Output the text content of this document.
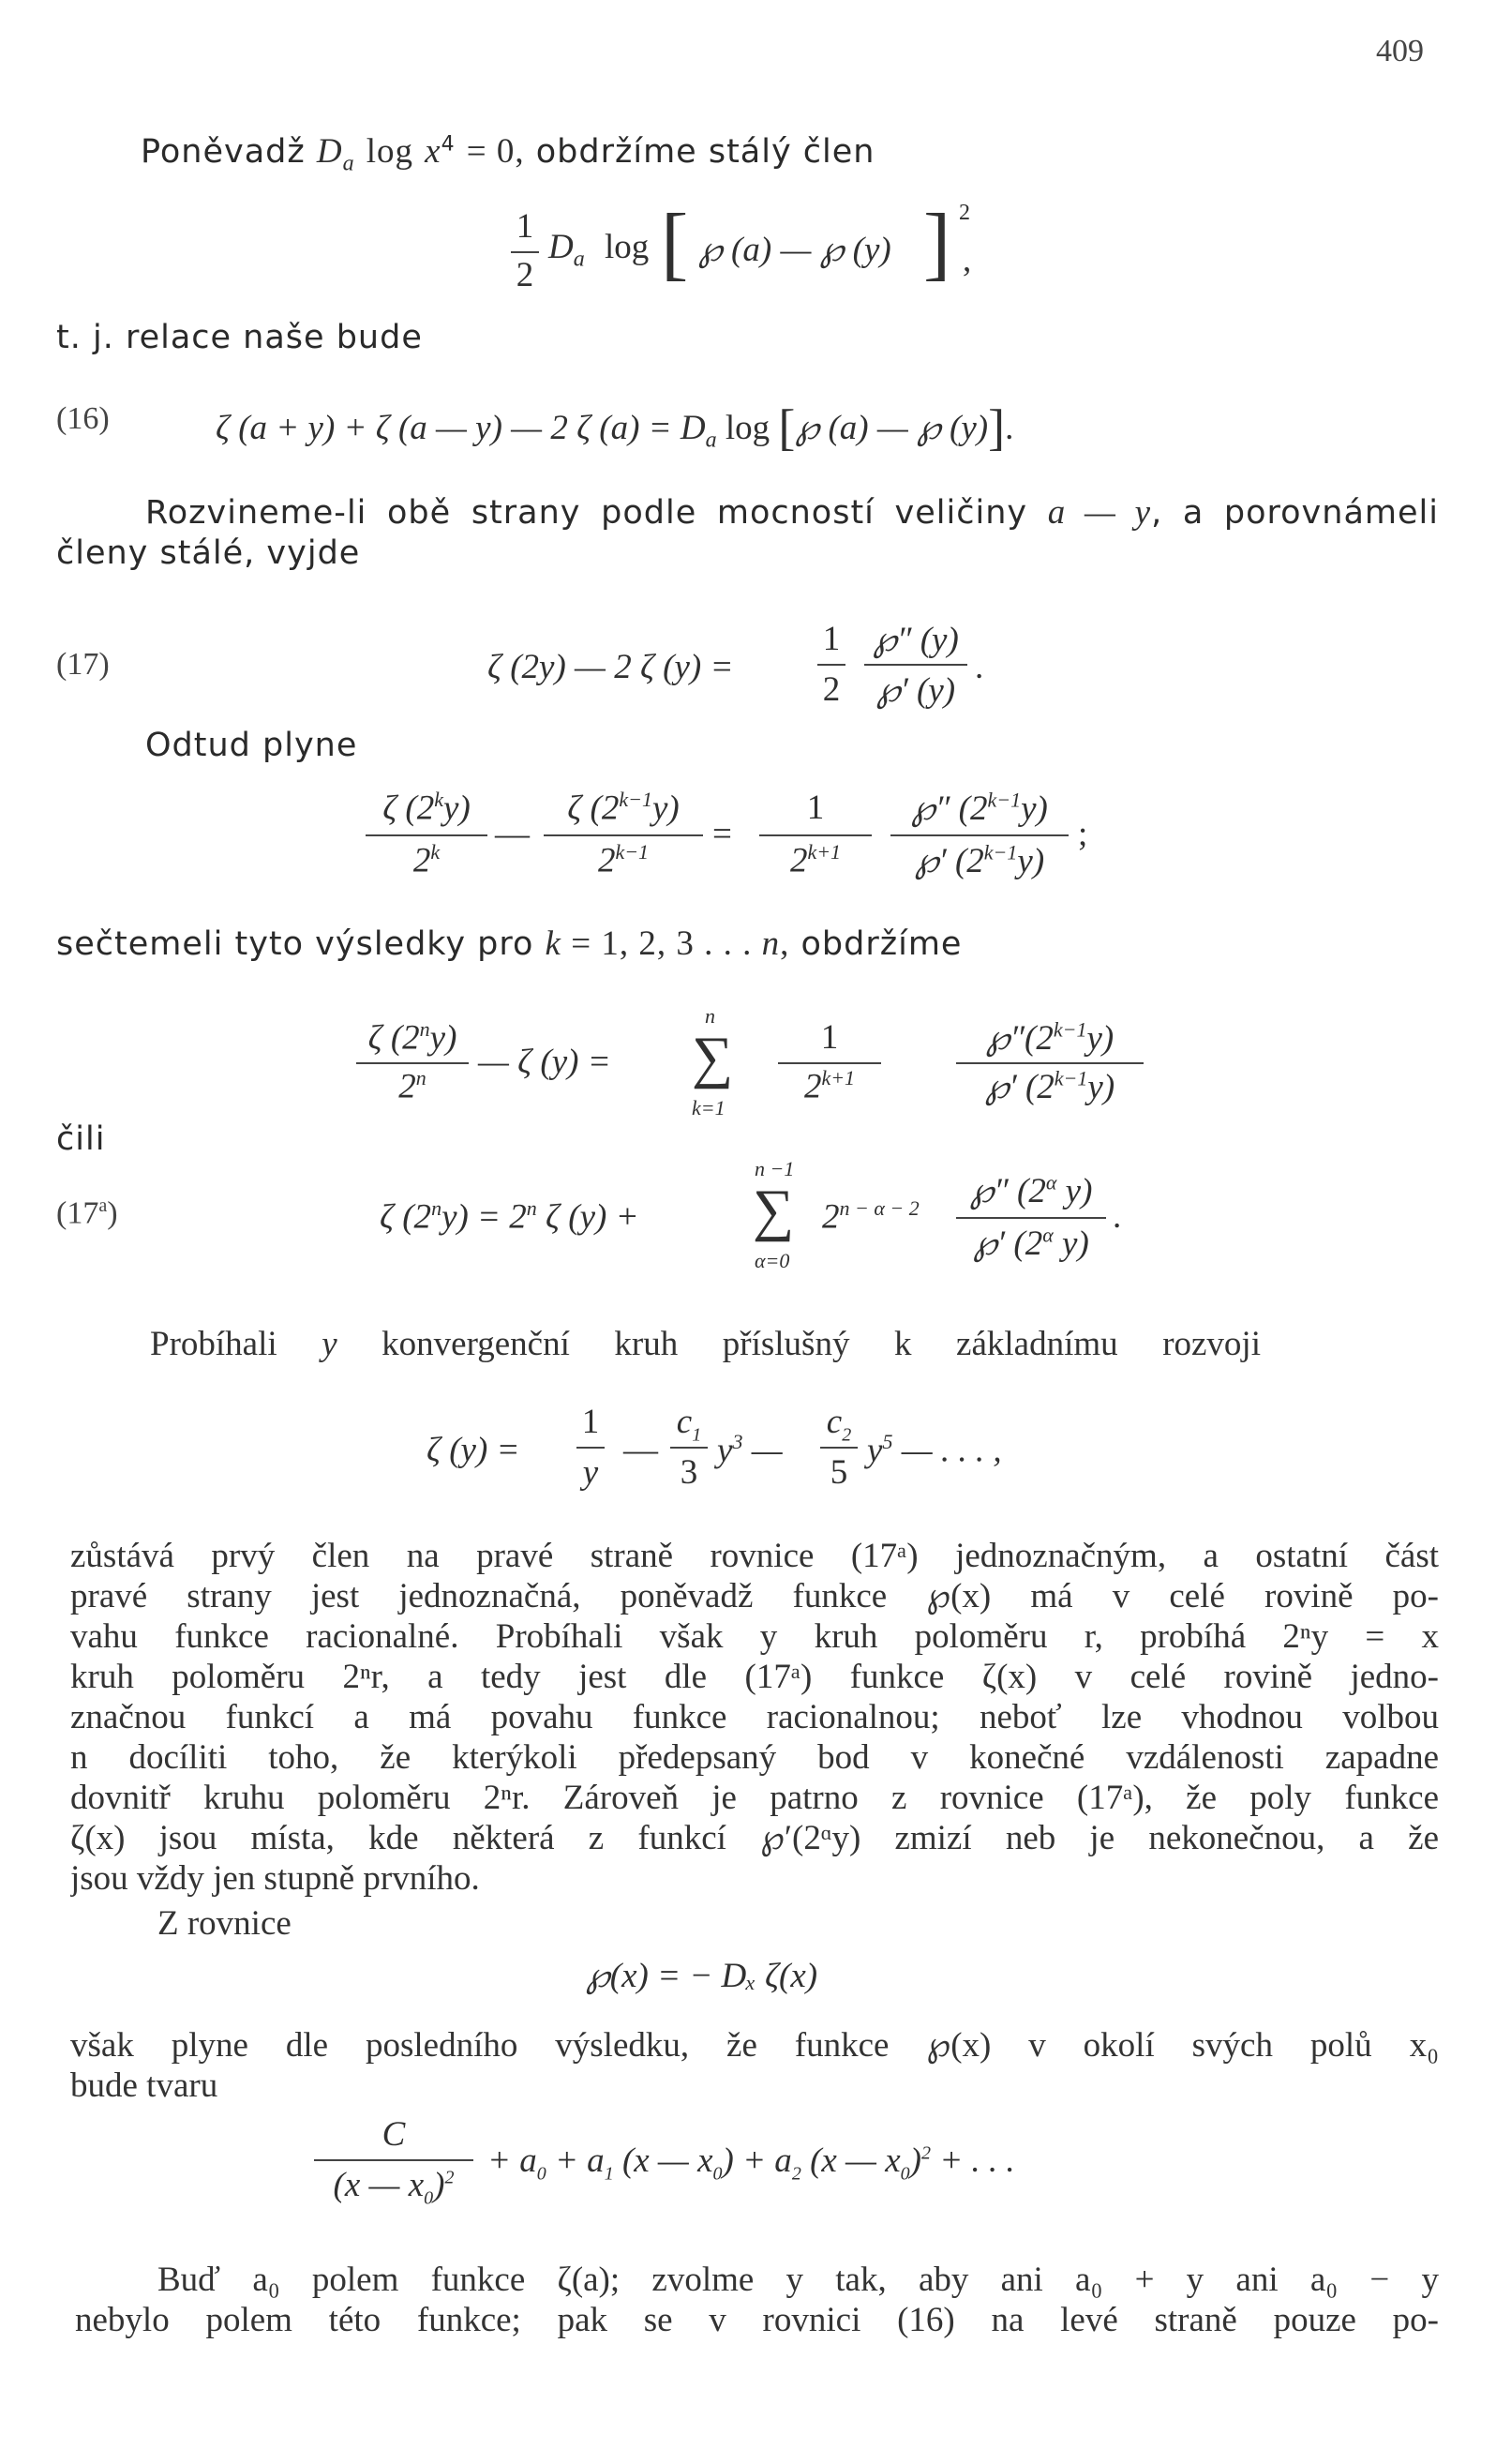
409
Poněvadž $D_a$ $\log x^4 = 0$, obdržíme stálý člen
1
2
$D_a$ log [ ℘ (a) — ℘ (y) ] 2
,
t. j. relace naše bude
(16)	ζ (a + y) + ζ (a — y) — 2 ζ $(a) = D_a$ log [℘ (a) — ℘ (y)].
Rozvineme-li obě strany podle mocností veličiny a — y, a porovnámeli
členy stálé, vyjde
(17)	ζ (2y) — 2 ζ (y) =
1
2
℘″ (y)
℘′ (y)
.
Odtud plyne
ζ (2$^k$y)
2$^k$	—
ζ $(2^{k-1}y)$
$2^{k-1}$	=
1
$2^{k+1}$
℘″ $(2^{k-1}y)$
℘′ $(2^{k-1}y)$
;
sečtemeli tyto výsledky pro k = 1, 2, 3 . . . n, obdržíme
ζ (2$^n$y)
2$^n$	— ζ (y) =
n
∑
k=1
1
$2^{k+1}$
$℘''(2^{k-1}y)$
℘′ $(2^{k-1}y)$
čili
(17$^a$)	ζ $(2^ny) = 2^n$ ζ (y) +
n −1
∑
α=0
$2^{n - \alpha - 2}$	℘″ ($2^\alpha$ y)
℘′ ($2^\alpha$ y)
.
Probíhali y konvergenční kruh příslušný k základnímu rozvoji
ζ (y) =
1
y
—
$c_1$
3
$y^3$ —
$c_2$
5
$y^5$ — . . . ,
zůstává prvý člen na pravé straně rovnice (17ᵃ) jednoznačným, a ostatní část
pravé strany jest jednoznačná, poněvadž funkce ℘(x) má v celé rovině po-
vahu funkce racionalné. Probíhali však y kruh poloměru r, probíhá 2ⁿy = x
kruh poloměru 2ⁿr, a tedy jest dle (17ᵃ) funkce ζ(x) v celé rovině jedno-
značnou funkcí a má povahu funkce racionalnou; neboť lze vhodnou volbou
n docíliti toho, že kterýkoli předepsaný bod v konečné vzdálenosti zapadne
dovnitř kruhu poloměru 2ⁿr. Zároveň je patrno z rovnice (17ᵃ), že poly funkce
ζ(x) jsou místa, kde některá z funkcí ℘′(2ᵅy) zmizí neb je nekonečnou, a že
jsou vždy jen stupně prvního.
Z rovnice
℘(x) = − Dₓ ζ(x)
však plyne dle posledního výsledku, že funkce ℘(x) v okolí svých polů x₀
bude tvaru
C
(x — $x_0)^2 + a_0 + a_1$ (x — $x_0) + a_2$ (x — $x_0)^2$ + . . .
Buď a₀ polem funkce ζ(a); zvolme y tak, aby ani a₀ + y ani a₀ − y
nebylo polem této funkce; pak se v rovnici (16) na levé straně pouze po-
